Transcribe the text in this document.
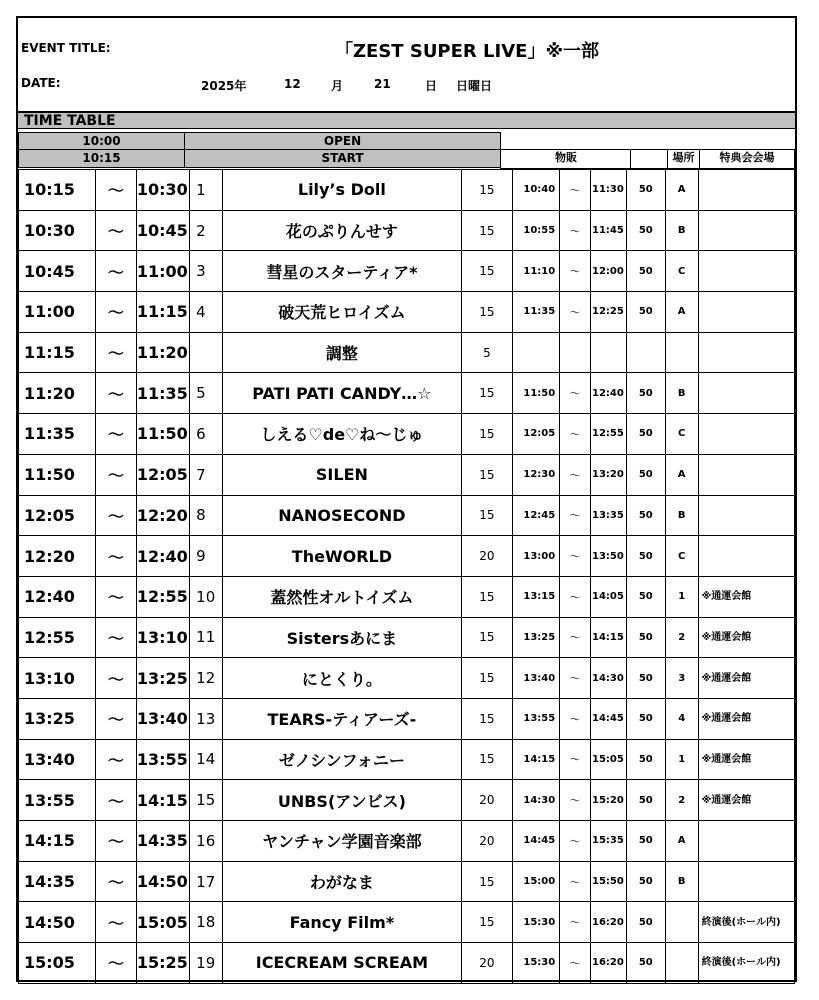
EVENT TITLE:	「ZEST SUPER LIVE」※一部
DATE:	2025年	12	月	21	日 日曜日
TIME TABLE
10:00	OPEN
10:15	START	物販	場所	特典会会場
10:15	〜	10:30	1	Lily’s Doll	15	10:40	〜	11:30	50	A	
10:30	〜	10:45	2	花のぷりんせす	15	10:55	〜	11:45	50	B	
10:45	〜	11:00	3	彗星のスターティア*	15	11:10	〜	12:00	50	C	
11:00	〜	11:15	4	破天荒ヒロイズム	15	11:35	〜	12:25	50	A	
11:15	〜	11:20		調整	5						
11:20	〜	11:35	5	PATI PATI CANDY…☆	15	11:50	〜	12:40	50	B	
11:35	〜	11:50	6	しえる♡de♡ね〜じゅ	15	12:05	〜	12:55	50	C	
11:50	〜	12:05	7	SILEN	15	12:30	〜	13:20	50	A	
12:05	〜	12:20	8	NANOSECOND	15	12:45	〜	13:35	50	B	
12:20	〜	12:40	9	TheWORLD	20	13:00	〜	13:50	50	C	
12:40	〜	12:55	10	蓋然性オルトイズム	15	13:15	〜	14:05	50	1	※通運会館
12:55	〜	13:10	11	Sistersあにま	15	13:25	〜	14:15	50	2	※通運会館
13:10	〜	13:25	12	にとくり。	15	13:40	〜	14:30	50	3	※通運会館
13:25	〜	13:40	13	TEARS-ティアーズ-	15	13:55	〜	14:45	50	4	※通運会館
13:40	〜	13:55	14	ゼノシンフォニー	15	14:15	〜	15:05	50	1	※通運会館
13:55	〜	14:15	15	UNBS(アンビス)	20	14:30	〜	15:20	50	2	※通運会館
14:15	〜	14:35	16	ヤンチャン学園音楽部	20	14:45	〜	15:35	50	A	
14:35	〜	14:50	17	わがなま	15	15:00	〜	15:50	50	B	
14:50	〜	15:05	18	Fancy Film*	15	15:30	〜	16:20	50		終演後(ホール内)
15:05	〜	15:25	19	ICECREAM SCREAM	20	15:30	〜	16:20	50		終演後(ホール内)
